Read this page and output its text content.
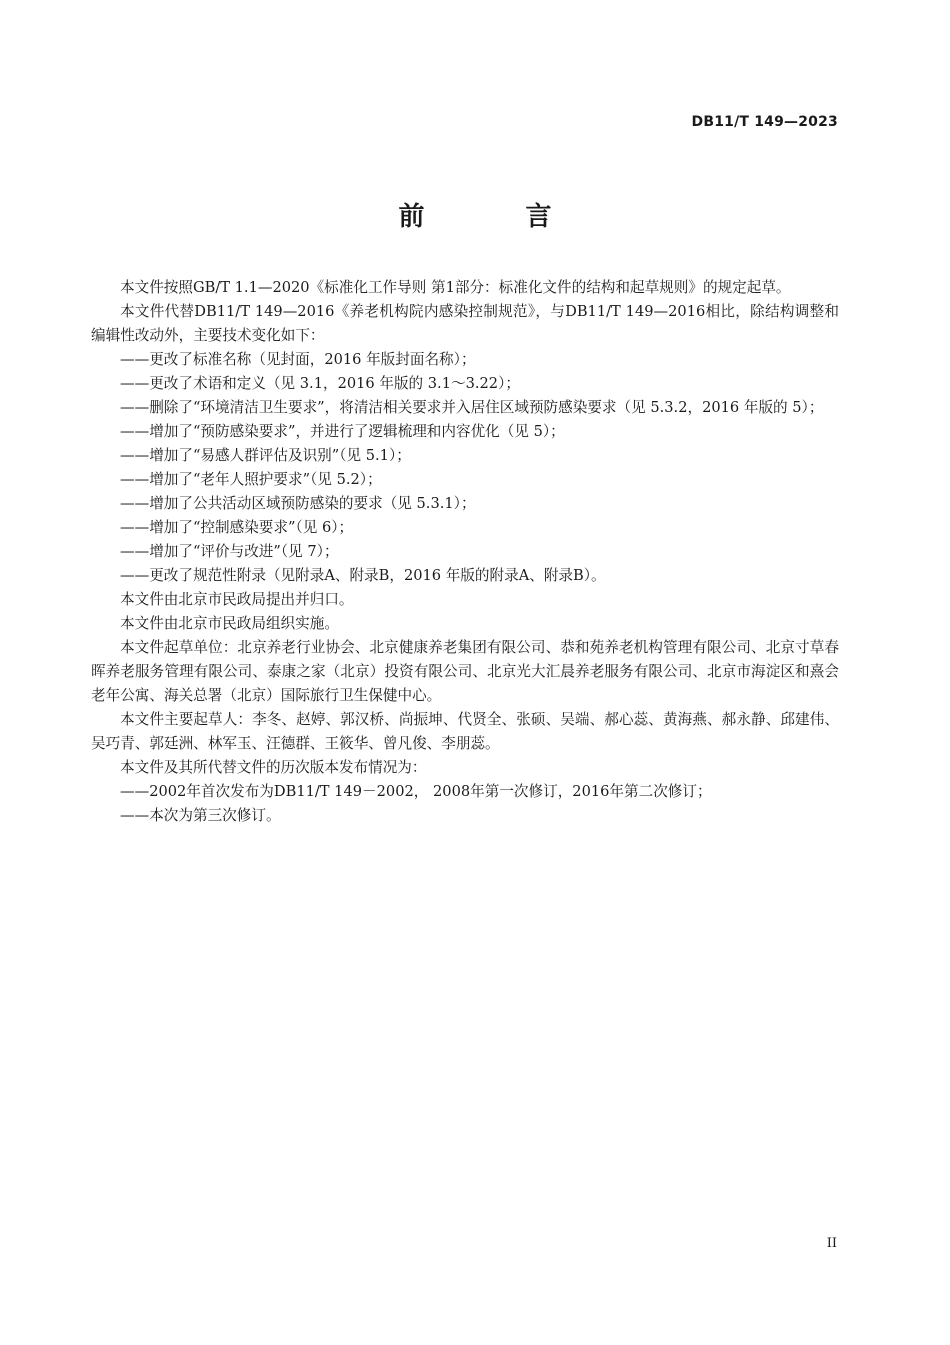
DB11/T 149—2023
前 言

本文件按照GB/T 1.1—2020《标准化工作导则 第1部分：标准化文件的结构和起草规则》的规定起草。

本文件代替DB11/T 149—2016《养老机构院内感染控制规范》，与DB11/T 149—2016相比，除结构调整和编辑性改动外，主要技术变化如下：

——更改了标准名称（见封面，2016 年版封面名称）；

——更改了术语和定义（见 3.1，2016 年版的 3.1～3.22）；

——删除了“环境清洁卫生要求”，将清洁相关要求并入居住区域预防感染要求（见 5.3.2，2016 年版的 5）；

——增加了“预防感染要求”，并进行了逻辑梳理和内容优化（见 5）；

——增加了“易感人群评估及识别”（见 5.1）；

——增加了“老年人照护要求”（见 5.2）；

——增加了公共活动区域预防感染的要求（见 5.3.1）；

——增加了“控制感染要求”（见 6）；

——增加了“评价与改进”（见 7）；

——更改了规范性附录（见附录A、附录B，2016 年版的附录A、附录B）。

本文件由北京市民政局提出并归口。

本文件由北京市民政局组织实施。

本文件起草单位：北京养老行业协会、北京健康养老集团有限公司、恭和苑养老机构管理有限公司、北京寸草春晖养老服务管理有限公司、泰康之家（北京）投资有限公司、北京光大汇晨养老服务有限公司、北京市海淀区和熹会老年公寓、海关总署（北京）国际旅行卫生保健中心。

本文件主要起草人：李冬、赵婷、郭汉桥、尚振坤、代贤全、张硕、吴端、郝心蕊、黄海燕、郝永静、邱建伟、吴巧青、郭廷洲、林军玉、汪德群、王筱华、曾凡俊、李朋蕊。

本文件及其所代替文件的历次版本发布情况为：

——2002年首次发布为DB11/T 149－2002， 2008年第一次修订，2016年第二次修订；

——本次为第三次修订。

II
